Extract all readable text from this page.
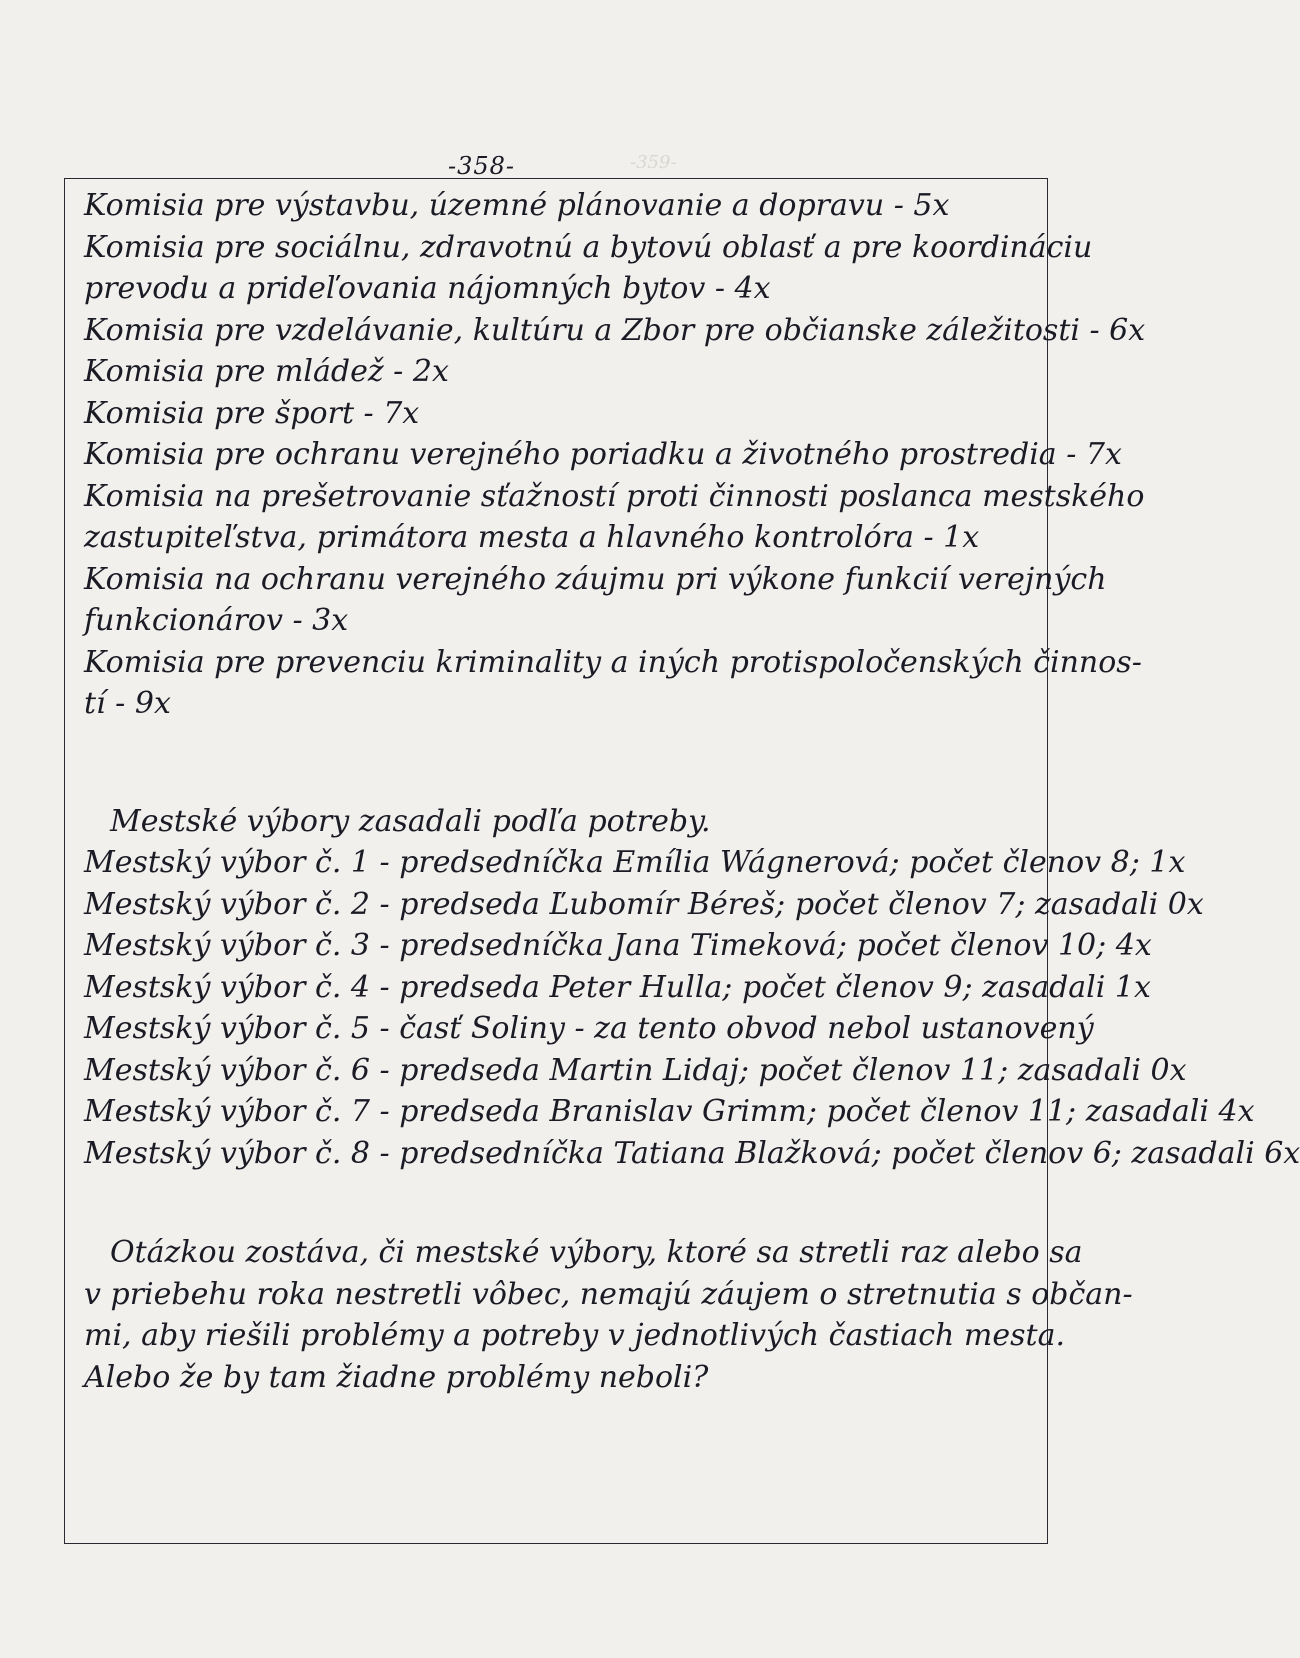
-359-
-358-
Komisia pre výstavbu, územné plánovanie a dopravu - 5x
Komisia pre sociálnu, zdravotnú a bytovú oblasť a pre koordináciu
prevodu a prideľovania nájomných bytov - 4x
Komisia pre vzdelávanie, kultúru a Zbor pre občianske záležitosti - 6x
Komisia pre mládež - 2x
Komisia pre šport - 7x
Komisia pre ochranu verejného poriadku a životného prostredia - 7x
Komisia na prešetrovanie sťažností proti činnosti poslanca mestského
zastupiteľstva, primátora mesta a hlavného kontrolóra - 1x
Komisia na ochranu verejného záujmu pri výkone funkcií verejných
funkcionárov - 3x
Komisia pre prevenciu kriminality a iných protispoločenských činnos-
tí - 9x
Mestské výbory zasadali podľa potreby.
Mestský výbor č. 1 - predsedníčka Emília Wágnerová; počet členov 8; 1x
Mestský výbor č. 2 - predseda Ľubomír Béreš; počet členov 7; zasadali 0x
Mestský výbor č. 3 - predsedníčka Jana Timeková; počet členov 10; 4x
Mestský výbor č. 4 - predseda Peter Hulla; počet členov 9; zasadali 1x
Mestský výbor č. 5 - časť Soliny - za tento obvod nebol ustanovený
Mestský výbor č. 6 - predseda Martin Lidaj; počet členov 11; zasadali 0x
Mestský výbor č. 7 - predseda Branislav Grimm; počet členov 11; zasadali 4x
Mestský výbor č. 8 - predsedníčka Tatiana Blažková; počet členov 6; zasadali 6x
Otázkou zostáva, či mestské výbory, ktoré sa stretli raz alebo sa
v priebehu roka nestretli vôbec, nemajú záujem o stretnutia s občan-
mi, aby riešili problémy a potreby v jednotlivých častiach mesta.
Alebo že by tam žiadne problémy neboli?
